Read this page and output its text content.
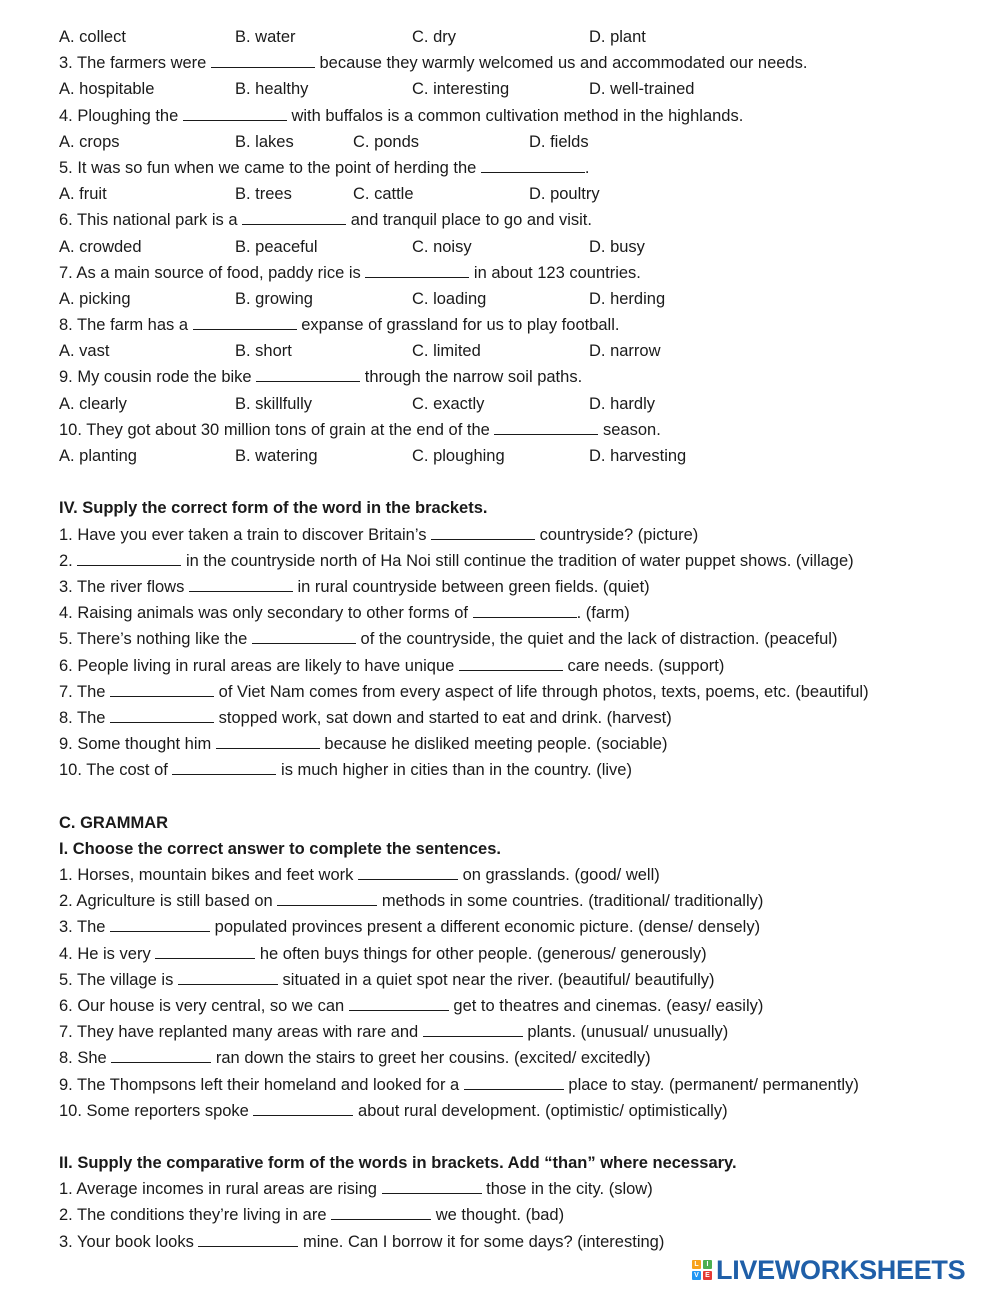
A. collect	B. water	C. dry	D. plant
3. The farmers were	because they warmly welcomed us and accommodated our needs.
A. hospitable	B. healthy	C. interesting	D. well-trained
4. Ploughing the	with buffalos is a common cultivation method in the highlands.
A. crops	B. lakes	C. ponds	D. fields
5. It was so fun when we came to the point of herding the	.
A. fruit	B. trees	C. cattle	D. poultry
6. This national park is a	and tranquil place to go and visit.
A. crowded	B. peaceful	C. noisy	D. busy
7. As a main source of food, paddy rice is	in about 123 countries.
A. picking	B. growing	C. loading	D. herding
8. The farm has a	expanse of grassland for us to play football.
A. vast	B. short	C. limited	D. narrow
9. My cousin rode the bike	through the narrow soil paths.
A. clearly	B. skillfully	C. exactly	D. hardly
10. They got about 30 million tons of grain at the end of the	season.
A. planting	B. watering	C. ploughing	D. harvesting
IV. Supply the correct form of the word in the brackets.
1. Have you ever taken a train to discover Britain’s	countryside? (picture)
2.	in the countryside north of Ha Noi still continue the tradition of water puppet shows. (village)
3. The river flows	in rural countryside between green fields. (quiet)
4. Raising animals was only secondary to other forms of	. (farm)
5. There’s nothing like the	of the countryside, the quiet and the lack of distraction. (peaceful)
6. People living in rural areas are likely to have unique	care needs. (support)
7. The	of Viet Nam comes from every aspect of life through photos, texts, poems, etc. (beautiful)
8. The	stopped work, sat down and started to eat and drink. (harvest)
9. Some thought him	because he disliked meeting people. (sociable)
10. The cost of	is much higher in cities than in the country. (live)
C. GRAMMAR
I. Choose the correct answer to complete the sentences.
1. Horses, mountain bikes and feet work	on grasslands. (good/ well)
2. Agriculture is still based on	methods in some countries. (traditional/ traditionally)
3. The	populated provinces present a different economic picture. (dense/ densely)
4. He is very	he often buys things for other people. (generous/ generously)
5. The village is	situated in a quiet spot near the river. (beautiful/ beautifully)
6. Our house is very central, so we can	get to theatres and cinemas. (easy/ easily)
7. They have replanted many areas with rare and	plants. (unusual/ unusually)
8. She	ran down the stairs to greet her cousins. (excited/ excitedly)
9. The Thompsons left their homeland and looked for a	place to stay. (permanent/ permanently)
10. Some reporters spoke	about rural development. (optimistic/ optimistically)
II. Supply the comparative form of the words in brackets. Add “than” where necessary.
1. Average incomes in rural areas are rising	those in the city. (slow)
2. The conditions they’re living in are	we thought. (bad)
3. Your book looks	mine. Can I borrow it for some days? (interesting)
L	I
V E LIVEWORKSHEETS
